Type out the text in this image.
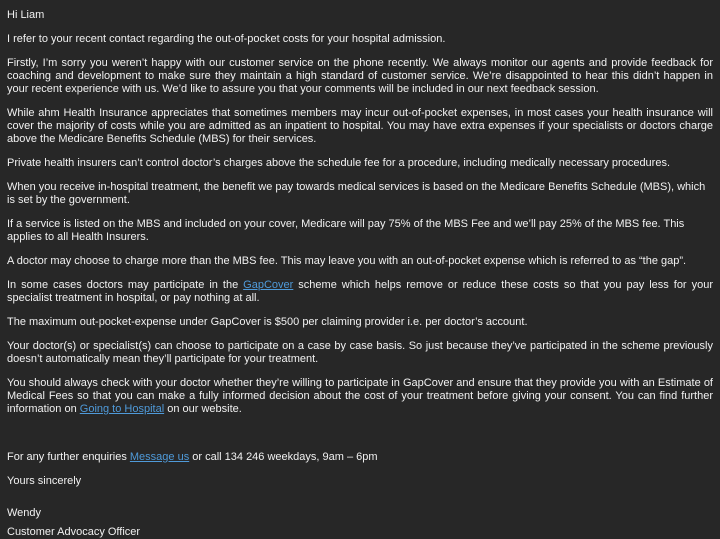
Hi Liam

I refer to your recent contact regarding the out-of-pocket costs for your hospital admission.

Firstly, I’m sorry you weren’t happy with our customer service on the phone recently. We always monitor our agents and provide feedback for coaching and development to make sure they maintain a high standard of customer service. We’re disappointed to hear this didn’t happen in your recent experience with us. We’d like to assure you that your comments will be included in our next feedback session.

While ahm Health Insurance appreciates that sometimes members may incur out-of-pocket expenses, in most cases your health insurance will cover the majority of costs while you are admitted as an inpatient to hospital. You may have extra expenses if your specialists or doctors charge above the Medicare Benefits Schedule (MBS) for their services.

Private health insurers can’t control doctor’s charges above the schedule fee for a procedure, including medically necessary procedures.

When you receive in-hospital treatment, the benefit we pay towards medical services is based on the Medicare Benefits Schedule (MBS), which is set by the government.

If a service is listed on the MBS and included on your cover, Medicare will pay 75% of the MBS Fee and we’ll pay 25% of the MBS fee. This applies to all Health Insurers.

A doctor may choose to charge more than the MBS fee. This may leave you with an out-of-pocket expense which is referred to as “the gap”.

In some cases doctors may participate in the GapCover scheme which helps remove or reduce these costs so that you pay less for your specialist treatment in hospital, or pay nothing at all.

The maximum out-pocket-expense under GapCover is $500 per claiming provider i.e. per doctor’s account.

Your doctor(s) or specialist(s) can choose to participate on a case by case basis. So just because they’ve participated in the scheme previously doesn’t automatically mean they’ll participate for your treatment.

You should always check with your doctor whether they’re willing to participate in GapCover and ensure that they provide you with an Estimate of Medical Fees so that you can make a fully informed decision about the cost of your treatment before giving your consent. You can find further information on Going to Hospital on our website.

For any further enquiries Message us or call 134 246 weekdays, 9am – 6pm

Yours sincerely

Wendy

Customer Advocacy Officer
